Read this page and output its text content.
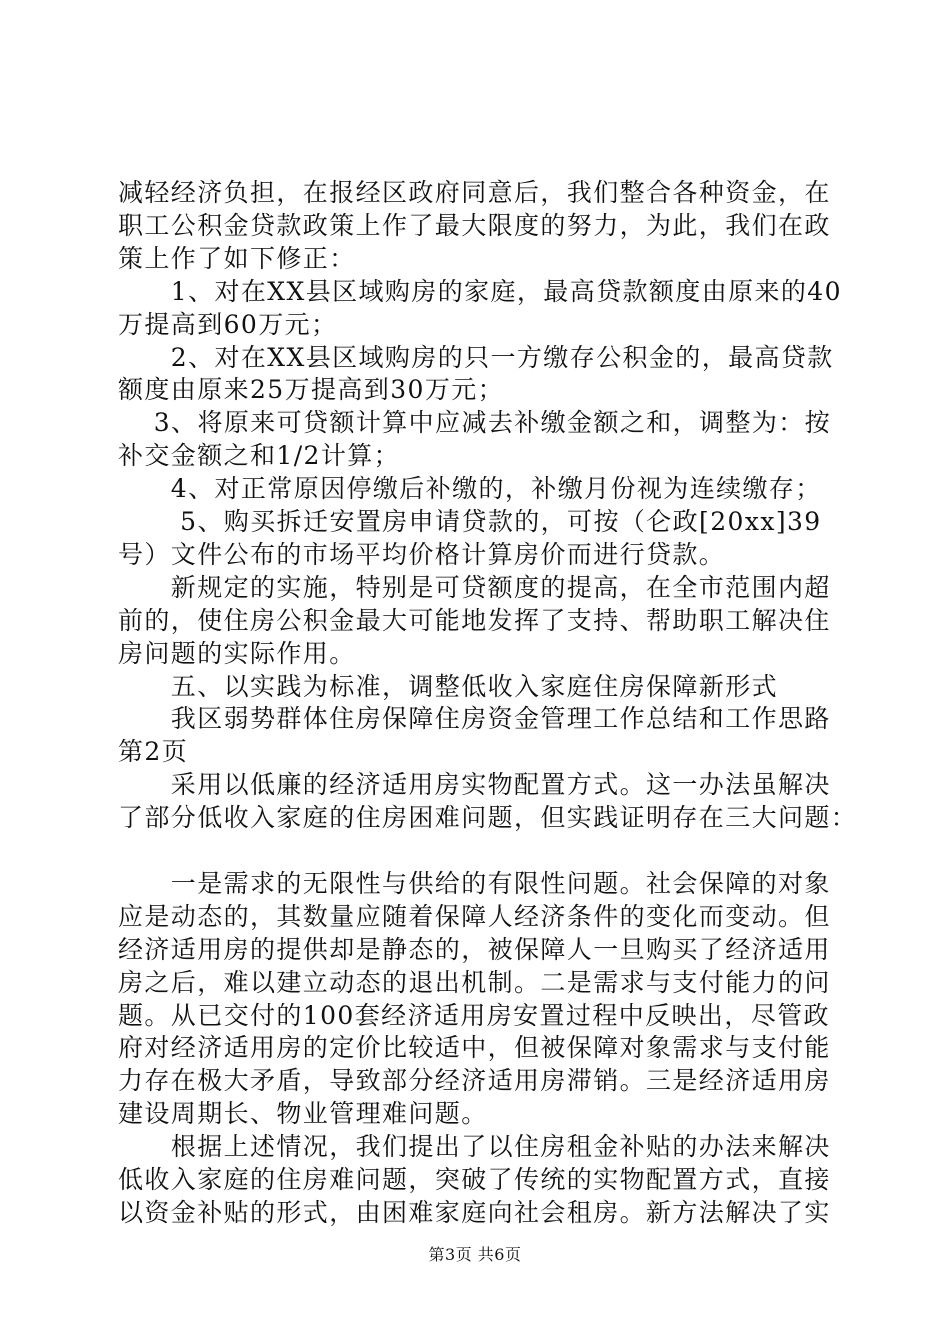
减轻经济负担，在报经区政府同意后，我们整合各种资金，在
职工公积金贷款政策上作了最大限度的努力，为此，我们在政
策上作了如下修正：
　　1、对在XX县区域购房的家庭，最高贷款额度由原来的40
万提高到60万元；
　　2、对在XX县区域购房的只一方缴存公积金的，最高贷款
额度由原来25万提高到30万元；
　 3、将原来可贷额计算中应减去补缴金额之和，调整为：按
补交金额之和1/2计算；
　　4、对正常原因停缴后补缴的，补缴月份视为连续缴存；
　　 5、购买拆迁安置房申请贷款的，可按（仑政[20xx]39
号）文件公布的市场平均价格计算房价而进行贷款。
　　新规定的实施，特别是可贷额度的提高，在全市范围内超
前的，使住房公积金最大可能地发挥了支持、帮助职工解决住
房问题的实际作用。
　　五、以实践为标准，调整低收入家庭住房保障新形式
　　我区弱势群体住房保障住房资金管理工作总结和工作思路
第2页
　　采用以低廉的经济适用房实物配置方式。这一办法虽解决
了部分低收入家庭的住房困难问题，但实践证明存在三大问题：
　　一是需求的无限性与供给的有限性问题。社会保障的对象
应是动态的，其数量应随着保障人经济条件的变化而变动。但
经济适用房的提供却是静态的，被保障人一旦购买了经济适用
房之后，难以建立动态的退出机制。二是需求与支付能力的问
题。从已交付的100套经济适用房安置过程中反映出，尽管政
府对经济适用房的定价比较适中，但被保障对象需求与支付能
力存在极大矛盾，导致部分经济适用房滞销。三是经济适用房
建设周期长、物业管理难问题。
　　根据上述情况，我们提出了以住房租金补贴的办法来解决
低收入家庭的住房难问题，突破了传统的实物配置方式，直接
以资金补贴的形式，由困难家庭向社会租房。新方法解决了实
第3页 共6页
